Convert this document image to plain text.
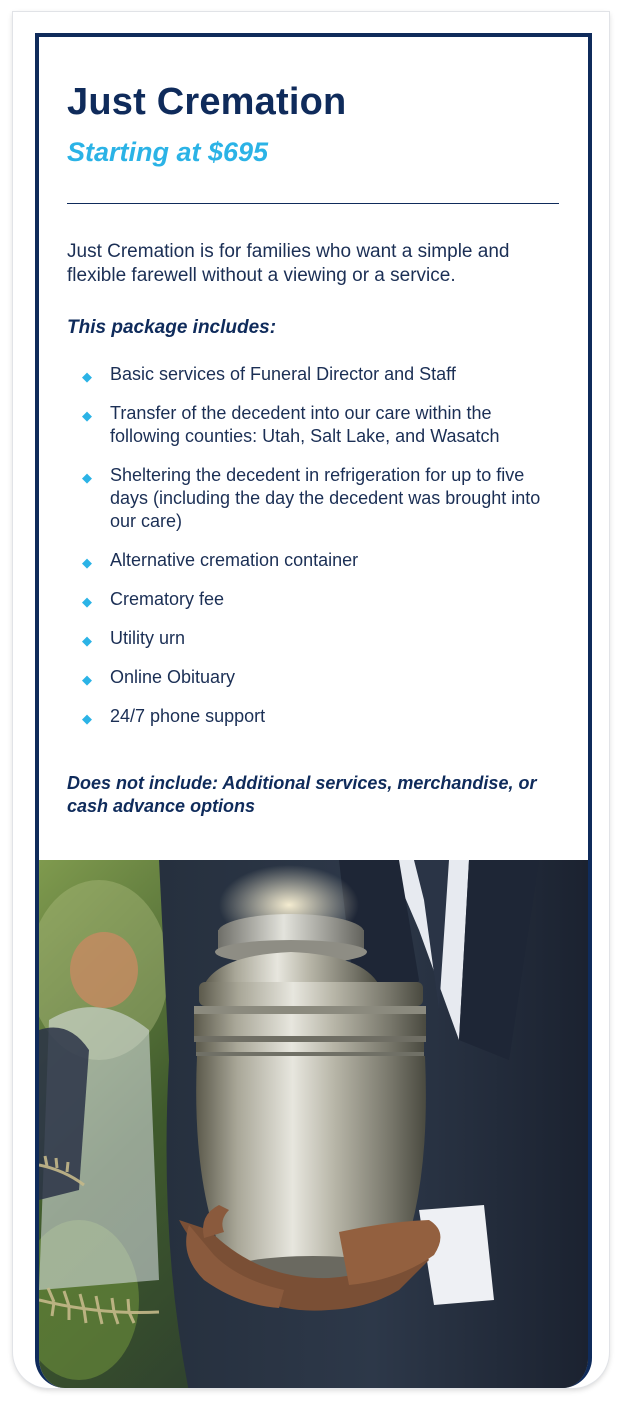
Just Cremation
Starting at $695

Just Cremation is for families who want a simple and flexible farewell without a viewing or a service.

This package includes:
◆ Basic services of Funeral Director and Staff
◆ Transfer of the decedent into our care within the following counties: Utah, Salt Lake, and Wasatch
◆ Sheltering the decedent in refrigeration for up to five days (including the day the decedent was brought into our care)
◆ Alternative cremation container
◆ Crematory fee
◆ Utility urn
◆ Online Obituary
◆ 24/7 phone support
Does not include: Additional services, merchandise, or cash advance options
